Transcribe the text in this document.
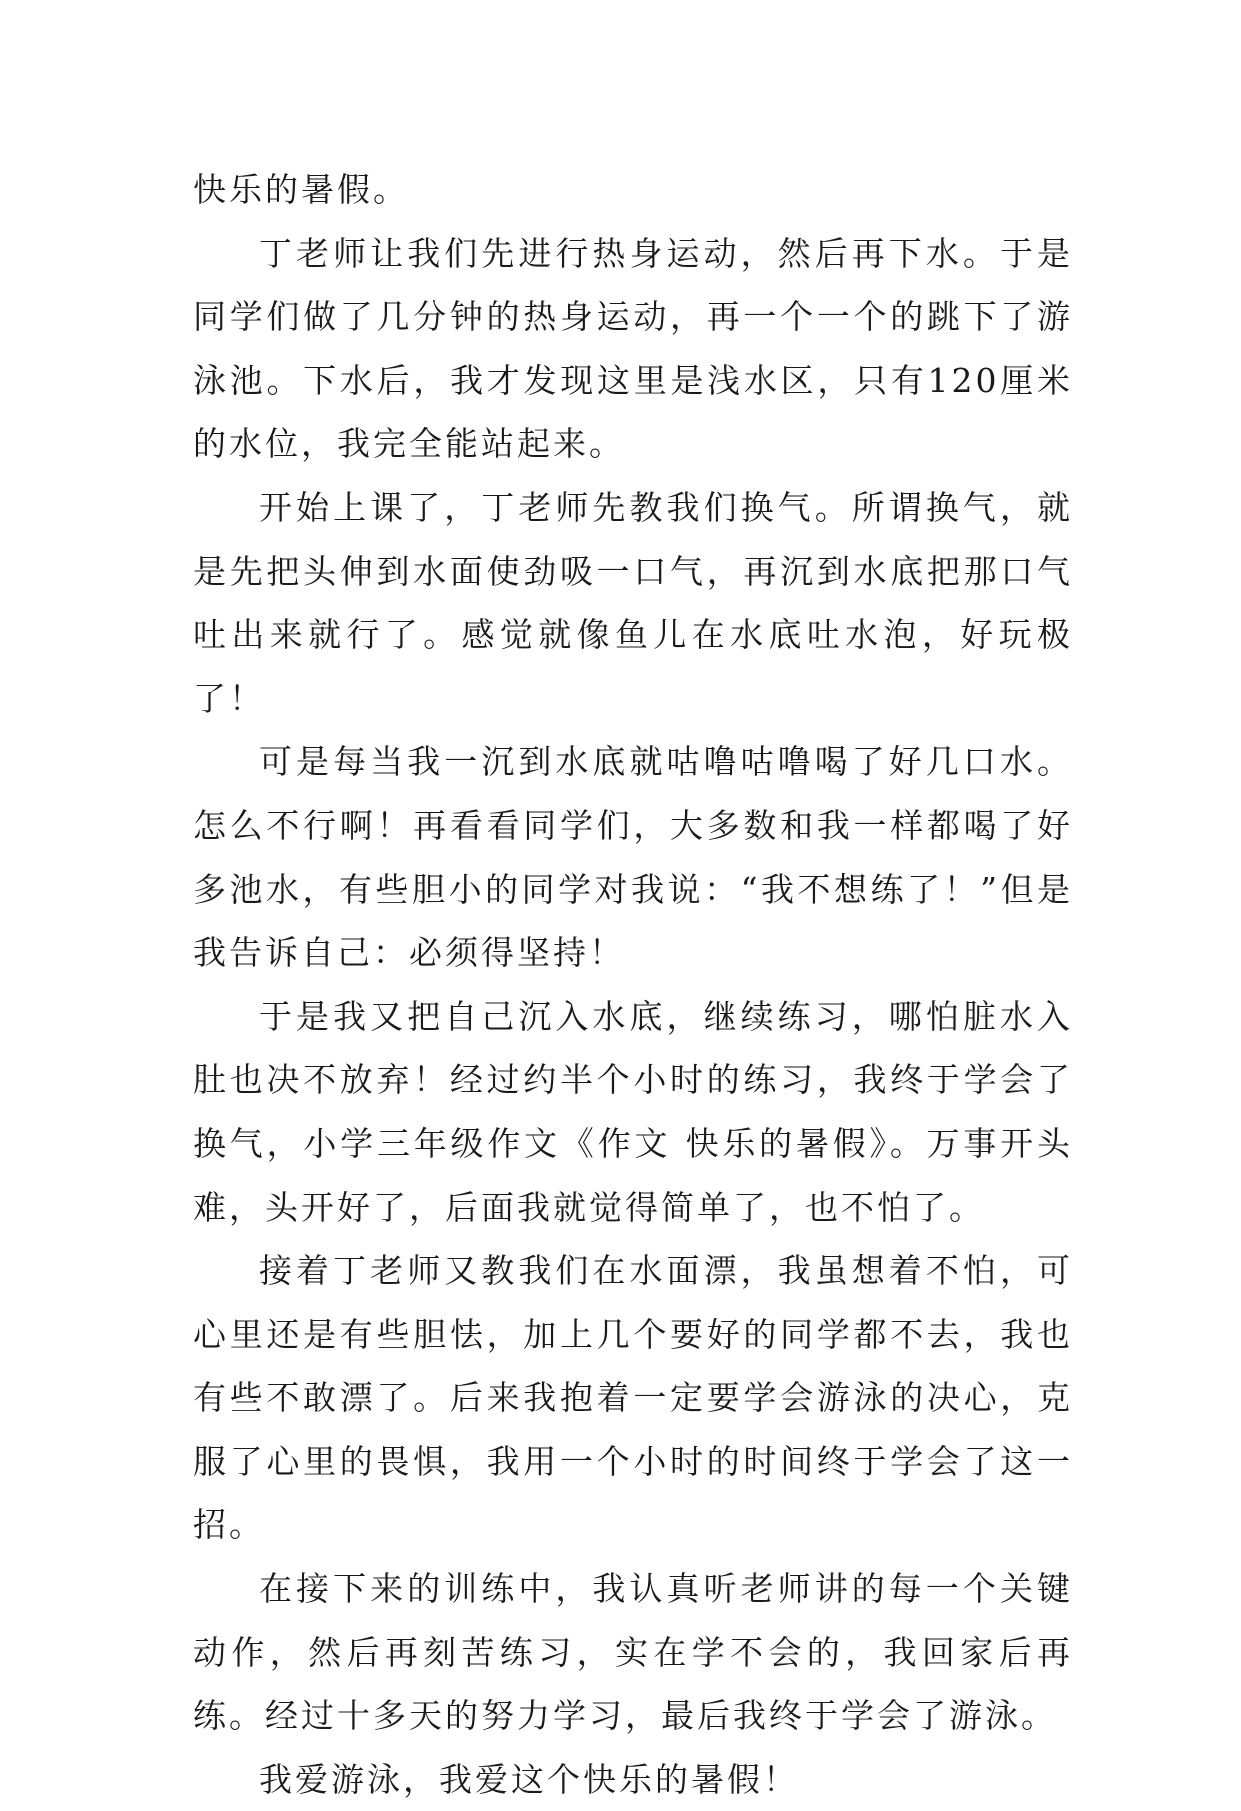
快乐的暑假。

丁老师让我们先进行热身运动，然后再下水。于是同学们做了几分钟的热身运动，再一个一个的跳下了游泳池。下水后，我才发现这里是浅水区，只有120厘米的水位，我完全能站起来。

开始上课了，丁老师先教我们换气。所谓换气，就是先把头伸到水面使劲吸一口气，再沉到水底把那口气吐出来就行了。感觉就像鱼儿在水底吐水泡，好玩极了！

可是每当我一沉到水底就咕噜咕噜喝了好几口水。怎么不行啊！再看看同学们，大多数和我一样都喝了好多池水，有些胆小的同学对我说：“我不想练了！”但是我告诉自己：必须得坚持！

于是我又把自己沉入水底，继续练习，哪怕脏水入肚也决不放弃！经过约半个小时的练习，我终于学会了换气，小学三年级作文《作文 快乐的暑假》。万事开头难，头开好了，后面我就觉得简单了，也不怕了。

接着丁老师又教我们在水面漂，我虽想着不怕，可心里还是有些胆怯，加上几个要好的同学都不去，我也有些不敢漂了。后来我抱着一定要学会游泳的决心，克服了心里的畏惧，我用一个小时的时间终于学会了这一招。

在接下来的训练中，我认真听老师讲的每一个关键动作，然后再刻苦练习，实在学不会的，我回家后再练。经过十多天的努力学习，最后我终于学会了游泳。

我爱游泳，我爱这个快乐的暑假！
